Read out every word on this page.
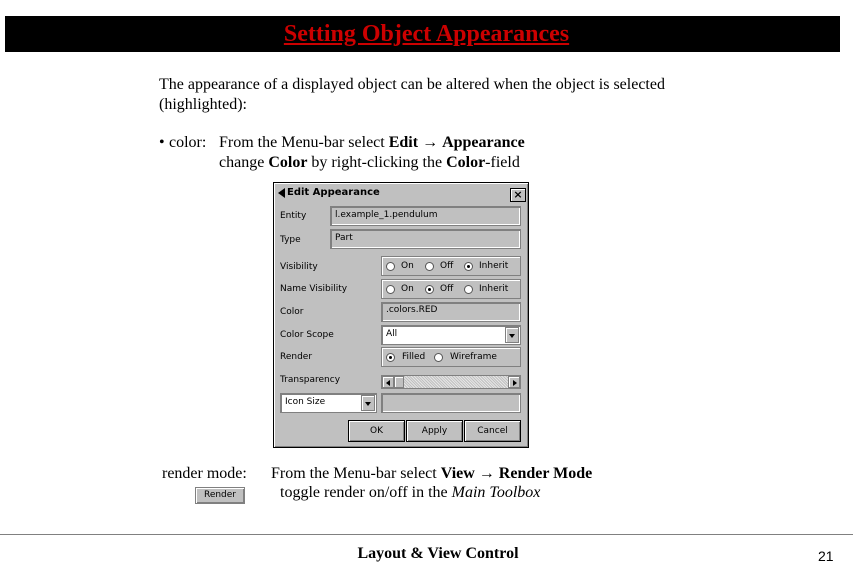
Setting Object Appearances
The appearance of a displayed object can be altered when the object is selected
(highlighted):
• color: From the Menu-bar select Edit → Appearance
change Color by right-clicking the Color-field
Edit Appearance	×
Entity	l.example_1.pendulum
Type	Part
Visibility	On	Off	Inherit
Name Visibility	On	Off	Inherit
Color	.colors.RED
Color Scope	All
Render	Filled	Wireframe
Transparency
Icon Size
OK	Apply	Cancel
render mode: From the Menu-bar select View → Render Mode
toggle render on/off in the Main Toolbox
Render
Layout & View Control	21
